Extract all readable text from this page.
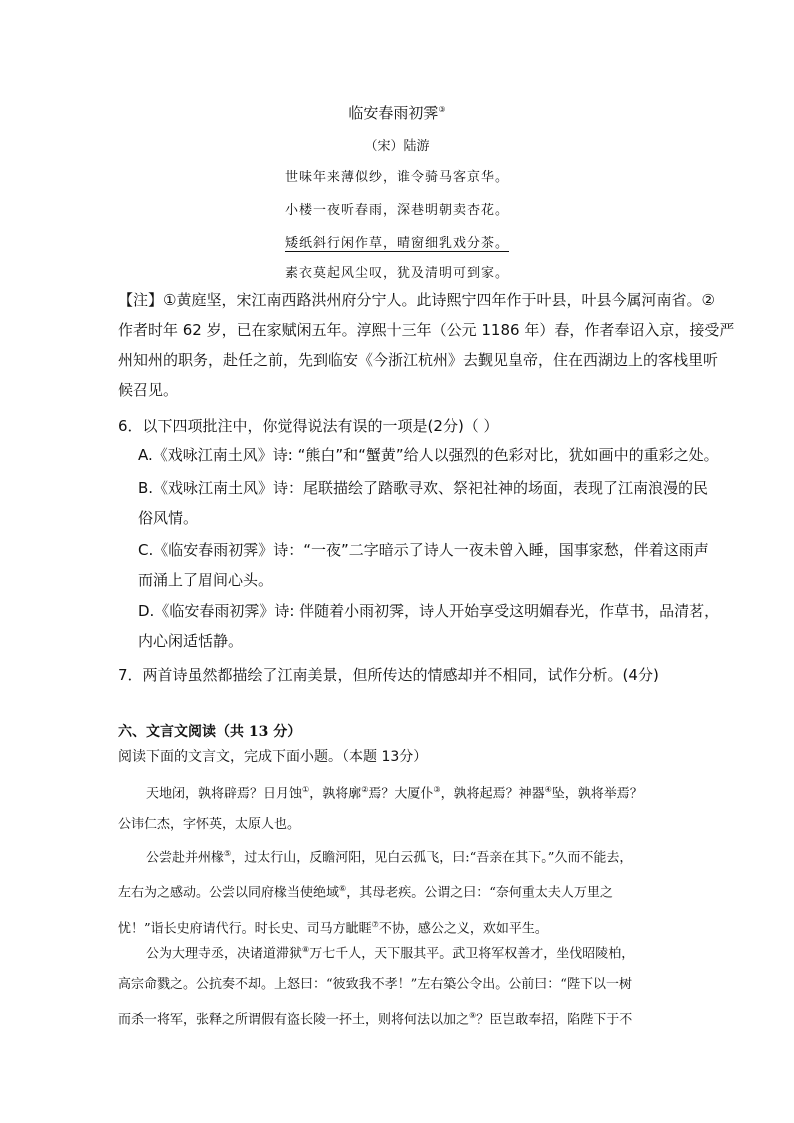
临安春雨初霁③
（宋）陆游
世味年来薄似纱，谁令骑马客京华。
小楼一夜听春雨，深巷明朝卖杏花。
矮纸斜行闲作草，晴窗细乳戏分茶。
素衣莫起风尘叹，犹及清明可到家。
【注】①黄庭坚，宋江南西路洪州府分宁人。此诗熙宁四年作于叶县，叶县今属河南省。②
作者时年 62 岁，已在家赋闲五年。淳熙十三年（公元 1186 年）春，作者奉诏入京，接受严
州知州的职务，赴任之前，先到临安《今浙江杭州》去觐见皇帝，住在西湖边上的客栈里听
候召见。
6．以下四项批注中，你觉得说法有误的一项是(2分)（ ）
A.《戏咏江南土风》诗: “熊白”和“蟹黄”给人以强烈的色彩对比，犹如画中的重彩之处。
B.《戏咏江南土风》诗：尾联描绘了踏歌寻欢、祭祀社神的场面，表现了江南浪漫的民
俗风情。
C.《临安春雨初霁》诗：“一夜”二字暗示了诗人一夜未曾入睡，国事家愁，伴着这雨声
而涌上了眉间心头。
D.《临安春雨初霁》诗: 伴随着小雨初霁，诗人开始享受这明媚春光，作草书，品清茗，
内心闲适恬静。
7．两首诗虽然都描绘了江南美景，但所传达的情感却并不相同，试作分析。(4分)
六、文言文阅读（共 13 分）
阅读下面的文言文，完成下面小题。（本题 13分）
天地闭，孰将辟焉？日月蚀①，孰将廓②焉？大厦仆③，孰将起焉？神器④坠，孰将举焉？
公讳仁杰，字怀英，太原人也。
公尝赴并州椽⑤，过太行山，反瞻河阳，见白云孤飞，曰:“吾亲在其下。”久而不能去，
左右为之感动。公尝以同府椽当使绝域⑥，其母老疾。公谓之曰：“奈何重太夫人万里之
忧！”诣长史府请代行。时长史、司马方眦睚⑦不协，感公之义，欢如平生。
公为大理寺丞，决诸道滞狱⑧万七千人，天下服其平。武卫将军权善才，坐伐昭陵柏，
高宗命戮之。公抗奏不却。上怒曰：“彼致我不孝！”左右築公令出。公前曰：“陛下以一树
而杀一将军，张释之所谓假有盗长陵一抔土，则将何法以加之⑨？臣岂敢奉招，陷陛下于不
